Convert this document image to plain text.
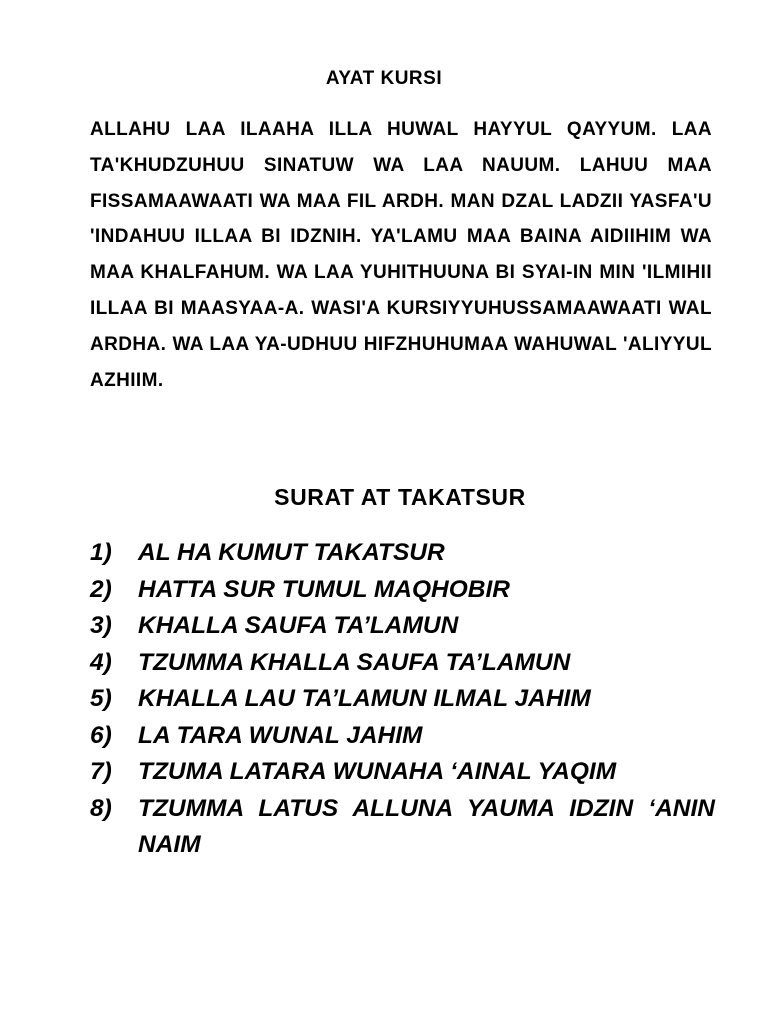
AYAT KURSI
ALLAHU LAA ILAAHA ILLA HUWAL HAYYUL QAYYUM. LAA TA'KHUDZUHUU SINATUW WA LAA NAUUM. LAHUU MAA FISSAMAAWAATI WA MAA FIL ARDH. MAN DZAL LADZII YASFA'U 'INDAHUU ILLAA BI IDZNIH. YA'LAMU MAA BAINA AIDIIHIM WA MAA KHALFAHUM. WA LAA YUHITHUUNA BI SYAI-IN MIN 'ILMIHII ILLAA BI MAASYAA-A. WASI'A KURSIYYUHUSSAMAAWAATI WAL ARDHA. WA LAA YA-UDHUU HIFZHUHUMAA WAHUWAL 'ALIYYUL AZHIIM.
SURAT AT TAKATSUR
1)	AL HA KUMUT TAKATSUR
2)	HATTA SUR TUMUL MAQHOBIR
3)	KHALLA SAUFA TA’LAMUN
4)	TZUMMA KHALLA SAUFA TA’LAMUN
5)	KHALLA LAU TA’LAMUN ILMAL JAHIM
6)	LA TARA WUNAL JAHIM
7)	TZUMA LATARA WUNAHA ‘AINAL YAQIM
8)	TZUMMA LATUS ALLUNA YAUMA IDZIN ‘ANIN NAIM
